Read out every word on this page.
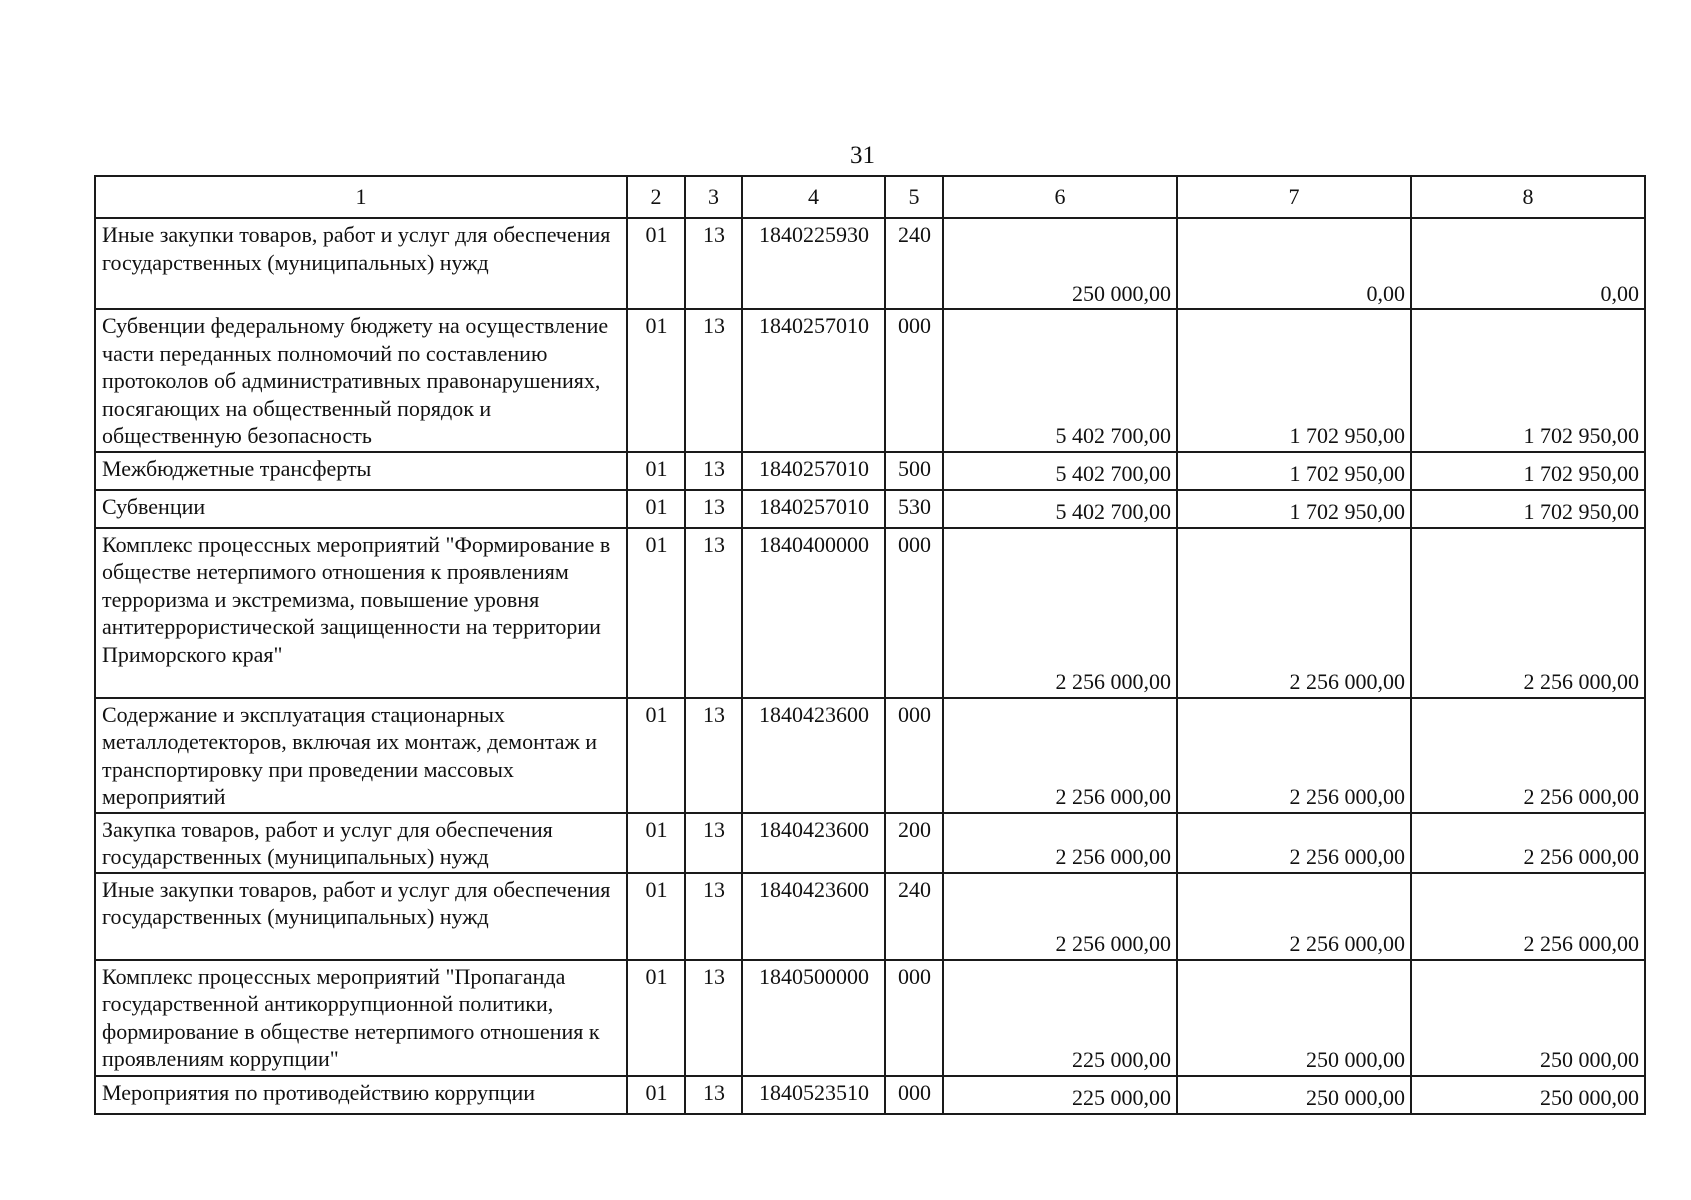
31
1	2	3	4	5	6	7	8
Иные закупки товаров, работ и услуг для обеспечения государственных (муниципальных) нужд	01	13	1840225930	240	250 000,00	0,00	0,00
Субвенции федеральному бюджету на осуществление части переданных полномочий по составлению протоколов об административных правонарушениях, посягающих на общественный порядок и общественную безопасность	01	13	1840257010	000	5 402 700,00	1 702 950,00	1 702 950,00
Межбюджетные трансферты	01	13	1840257010	500	5 402 700,00	1 702 950,00	1 702 950,00
Субвенции	01	13	1840257010	530	5 402 700,00	1 702 950,00	1 702 950,00
Комплекс процессных мероприятий "Формирование в обществе нетерпимого отношения к проявлениям терроризма и экстремизма, повышение уровня антитеррористической защищенности на территории Приморского края"	01	13	1840400000	000	2 256 000,00	2 256 000,00	2 256 000,00
Содержание и эксплуатация стационарных металлодетекторов, включая их монтаж, демонтаж и транспортировку при проведении массовых мероприятий	01	13	1840423600	000	2 256 000,00	2 256 000,00	2 256 000,00
Закупка товаров, работ и услуг для обеспечения государственных (муниципальных) нужд	01	13	1840423600	200	2 256 000,00	2 256 000,00	2 256 000,00
Иные закупки товаров, работ и услуг для обеспечения государственных (муниципальных) нужд	01	13	1840423600	240	2 256 000,00	2 256 000,00	2 256 000,00
Комплекс процессных мероприятий "Пропаганда государственной антикоррупционной политики, формирование в обществе нетерпимого отношения к проявлениям коррупции"	01	13	1840500000	000	225 000,00	250 000,00	250 000,00
Мероприятия по противодействию коррупции	01	13	1840523510	000	225 000,00	250 000,00	250 000,00
